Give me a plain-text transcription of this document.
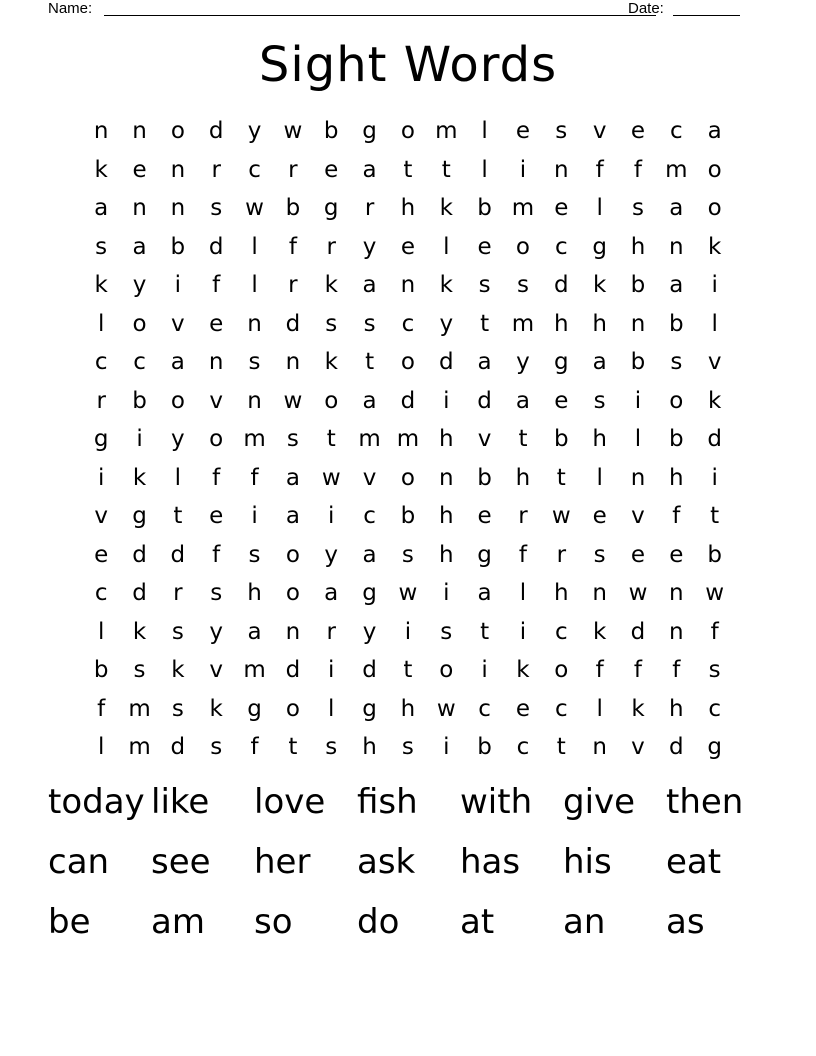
Name:	Date:
Sight Words
n	n	o	d	y w b	g	o m	l	e	s	v	e	c	a
k	e	n	r	c	r	e	a	t	t	l	i	n	f	f	m o
a	n	n	s w b	g	r	h	k	b m e	l	s	a	o
s	a	b	d	l	f	r	y	e	l	e	o	c	g	h	n	k
k	y	i	f	l	r	k	a	n	k	s	s	d	k	b	a	i
l	o	v	e	n	d	s	s	c	y	t m h	h	n	b	l
c	c	a	n	s	n	k	t	o	d	a	y	g	a	b	s	v
r	b	o	v	n w o	a	d	i	d	a	e	s	i	o	k
g	i	y	o m s	t m m h	v	t	b	h	l	b	d
i	k	l	f	f	a w v	o	n	b	h	t	l	n	h	i
v	g	t	e	i	a	i	c	b	h	e	r	w e	v	f	t
e	d	d	f	s	o	y	a	s	h	g	f	r	s	e	e	b
c	d	r	s	h	o	a	g w	i	a	l	h	n w n w
l	k	s	y	a	n	r	y	i	s	t	i	c	k	d	n	f
b	s	k	v m d	i	d	t	o	i	k	o	f	f	f	s
f	m s	k	g	o	l	g	h w c	e	c	l	k	h	c
l	m d	s	f	t	s	h	s	i	b	c	t	n	v	d	g
today like love fish with give then
can see her ask has his eat
be am so do at an as
